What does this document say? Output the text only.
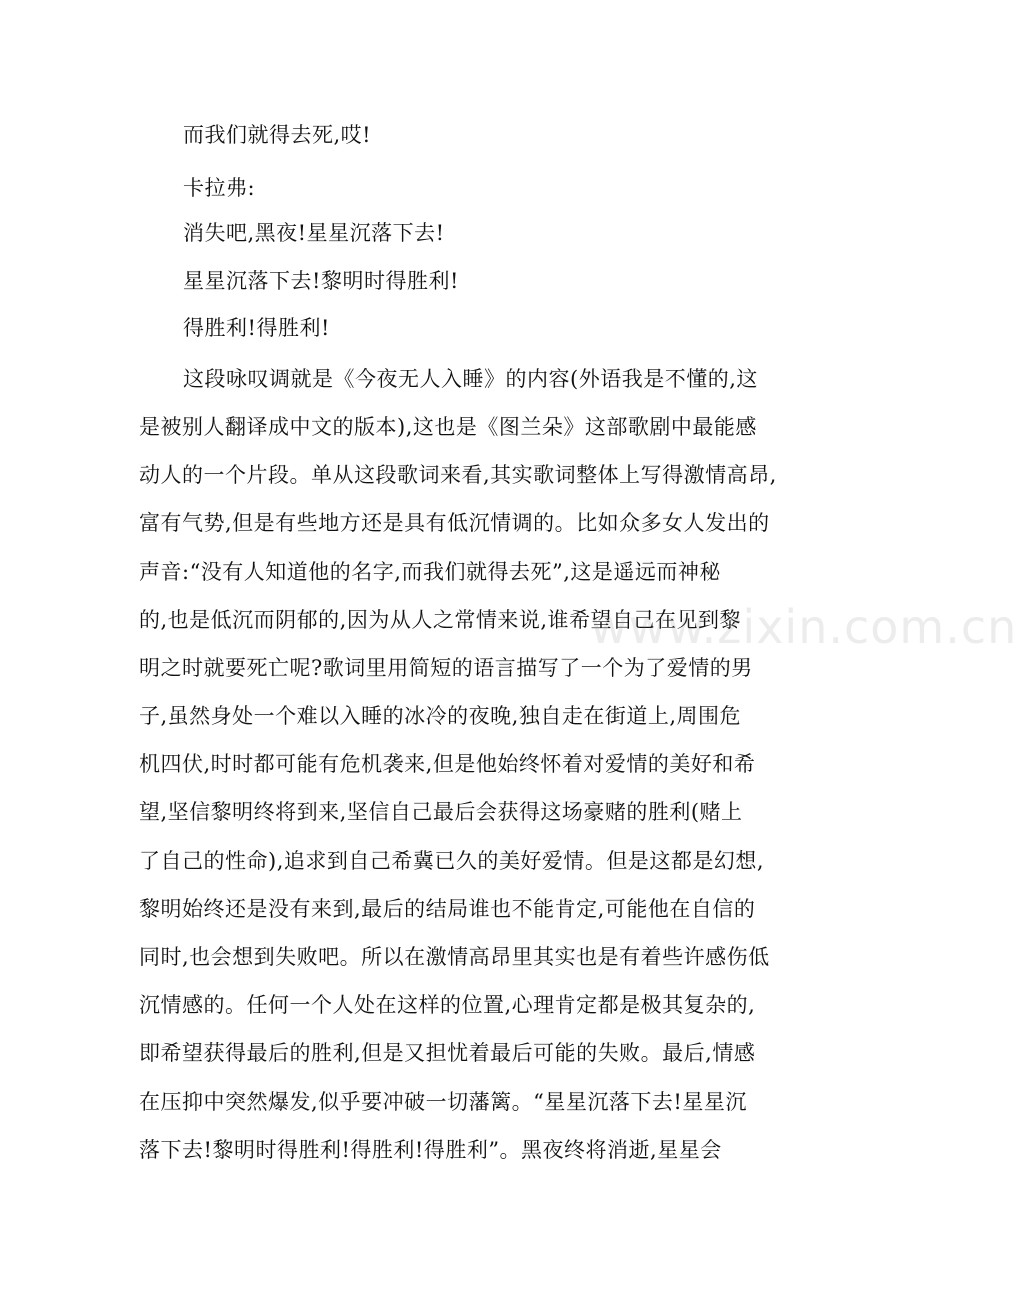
而我们就得去死,哎!
卡拉弗:
消失吧,黑夜!星星沉落下去!
星星沉落下去!黎明时得胜利!
得胜利!得胜利!
这段咏叹调就是《今夜无人入睡》的内容(外语我是不懂的,这
是被别人翻译成中文的版本),这也是《图兰朵》这部歌剧中最能感
动人的一个片段。单从这段歌词来看,其实歌词整体上写得激情高昂,
富有气势,但是有些地方还是具有低沉情调的。比如众多女人发出的
声音:“没有人知道他的名字,而我们就得去死”,这是遥远而神秘
的,也是低沉而阴郁的,因为从人之常情来说,谁希望自己在见到黎
明之时就要死亡呢?歌词里用简短的语言描写了一个为了爱情的男
子,虽然身处一个难以入睡的冰冷的夜晚,独自走在街道上,周围危
机四伏,时时都可能有危机袭来,但是他始终怀着对爱情的美好和希
望,坚信黎明终将到来,坚信自己最后会获得这场豪赌的胜利(赌上
了自己的性命),追求到自己希冀已久的美好爱情。但是这都是幻想,
黎明始终还是没有来到,最后的结局谁也不能肯定,可能他在自信的
同时,也会想到失败吧。所以在激情高昂里其实也是有着些许感伤低
沉情感的。任何一个人处在这样的位置,心理肯定都是极其复杂的,
即希望获得最后的胜利,但是又担忧着最后可能的失败。最后,情感
在压抑中突然爆发,似乎要冲破一切藩篱。“星星沉落下去!星星沉
落下去!黎明时得胜利!得胜利!得胜利”。黑夜终将消逝,星星会
www.zixin.com.cn
